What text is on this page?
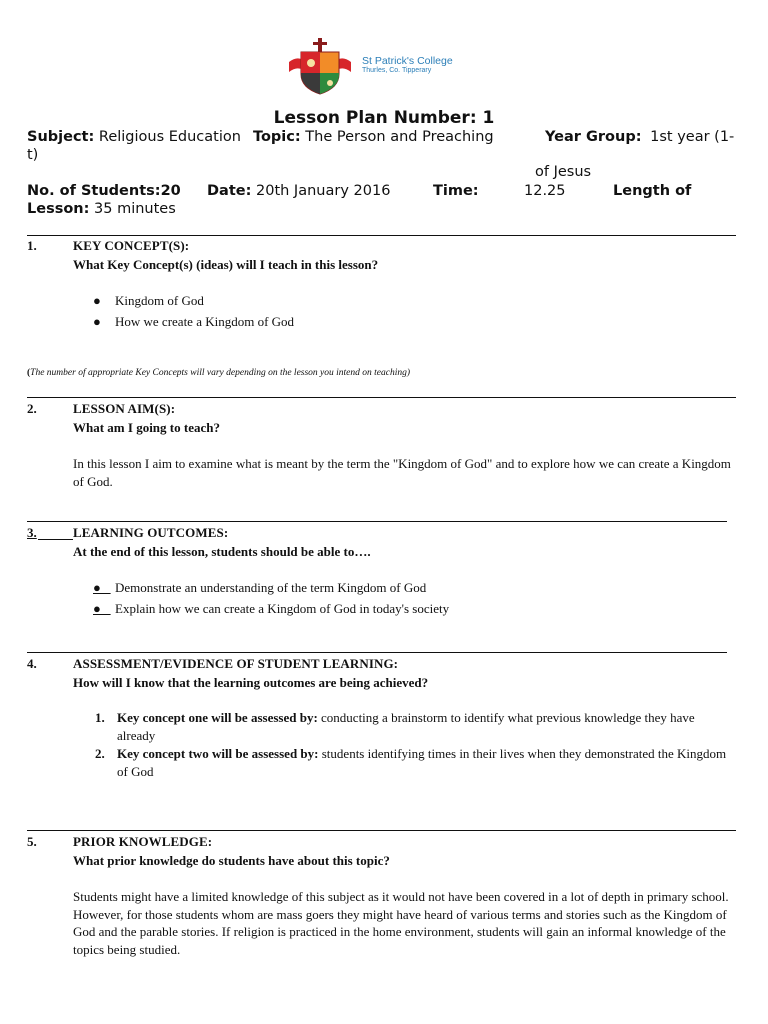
St Patrick's College
Thurles, Co. Tipperary
Lesson Plan Number: 1
Subject: Religious Education Topic: The Person and Preaching	Year Group: 1st year (1-
t)
of Jesus
No. of Students:20 Date: 20th January 2016	Time:	12.25	Length of
Lesson: 35 minutes
1.	KEY CONCEPT(S):
What Key Concept(s) (ideas) will I teach in this lesson?
● Kingdom of God
● How we create a Kingdom of God
(The number of appropriate Key Concepts will vary depending on the lesson you intend on teaching)
2.	LESSON AIM(S):
What am I going to teach?
In this lesson I aim to examine what is meant by the term the "Kingdom of God" and to explore how we can create a Kingdom of God.
3.	LEARNING OUTCOMES:
At the end of this lesson, students should be able to….
●   Demonstrate an understanding of the term Kingdom of God
●   Explain how we can create a Kingdom of God in today's society
4.	ASSESSMENT/EVIDENCE OF STUDENT LEARNING:
How will I know that the learning outcomes are being achieved?
1. Key concept one will be assessed by: conducting a brainstorm to identify what previous knowledge they have already
2. Key concept two will be assessed by: students identifying times in their lives when they demonstrated the Kingdom of God
5.	PRIOR KNOWLEDGE:
What prior knowledge do students have about this topic?
Students might have a limited knowledge of this subject as it would not have been covered in a lot of depth in primary school. However, for those students whom are mass goers they might have heard of various terms and stories such as the Kingdom of God and the parable stories. If religion is practiced in the home environment, students will gain an informal knowledge of the topics being studied.
